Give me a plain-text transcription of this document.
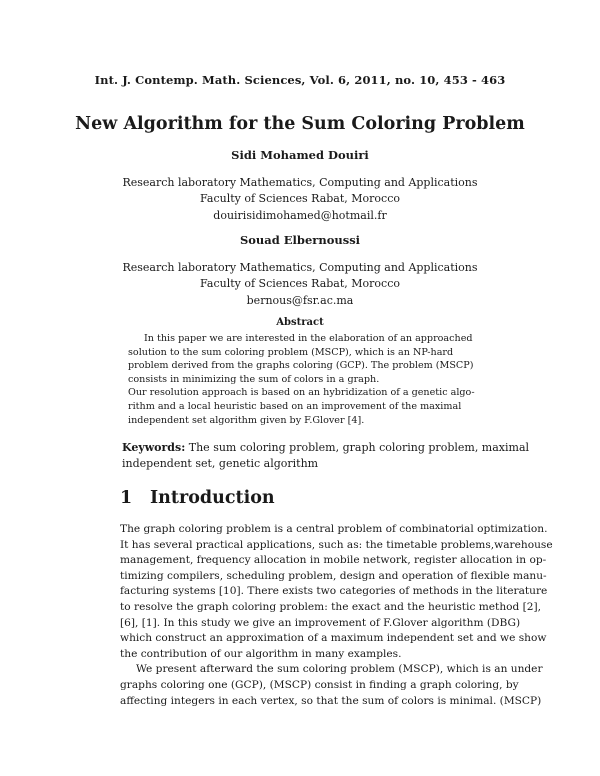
Int. J. Contemp. Math. Sciences, Vol. 6, 2011, no. 10, 453 - 463
New Algorithm for the Sum Coloring Problem
Sidi Mohamed Douiri
Research laboratory Mathematics, Computing and Applications
Faculty of Sciences Rabat, Morocco
douirisidimohamed@hotmail.fr
Souad Elbernoussi
Research laboratory Mathematics, Computing and Applications
Faculty of Sciences Rabat, Morocco
bernous@fsr.ac.ma
Abstract
In this paper we are interested in the elaboration of an approached
solution to the sum coloring problem (MSCP), which is an NP-hard
problem derived from the graphs coloring (GCP). The problem (MSCP)
consists in minimizing the sum of colors in a graph.
Our resolution approach is based on an hybridization of a genetic algo-
rithm and a local heuristic based on an improvement of the maximal
independent set algorithm given by F.Glover [4].
Keywords: The sum coloring problem, graph coloring problem, maximal
independent set, genetic algorithm
1 Introduction
The graph coloring problem is a central problem of combinatorial optimization.
It has several practical applications, such as: the timetable problems,warehouse
management, frequency allocation in mobile network, register allocation in op-
timizing compilers, scheduling problem, design and operation of flexible manu-
facturing systems [10]. There exists two categories of methods in the literature
to resolve the graph coloring problem: the exact and the heuristic method [2],
[6], [1]. In this study we give an improvement of F.Glover algorithm (DBG)
which construct an approximation of a maximum independent set and we show
the contribution of our algorithm in many examples.
We present afterward the sum coloring problem (MSCP), which is an under
graphs coloring one (GCP), (MSCP) consist in finding a graph coloring, by
affecting integers in each vertex, so that the sum of colors is minimal. (MSCP)
